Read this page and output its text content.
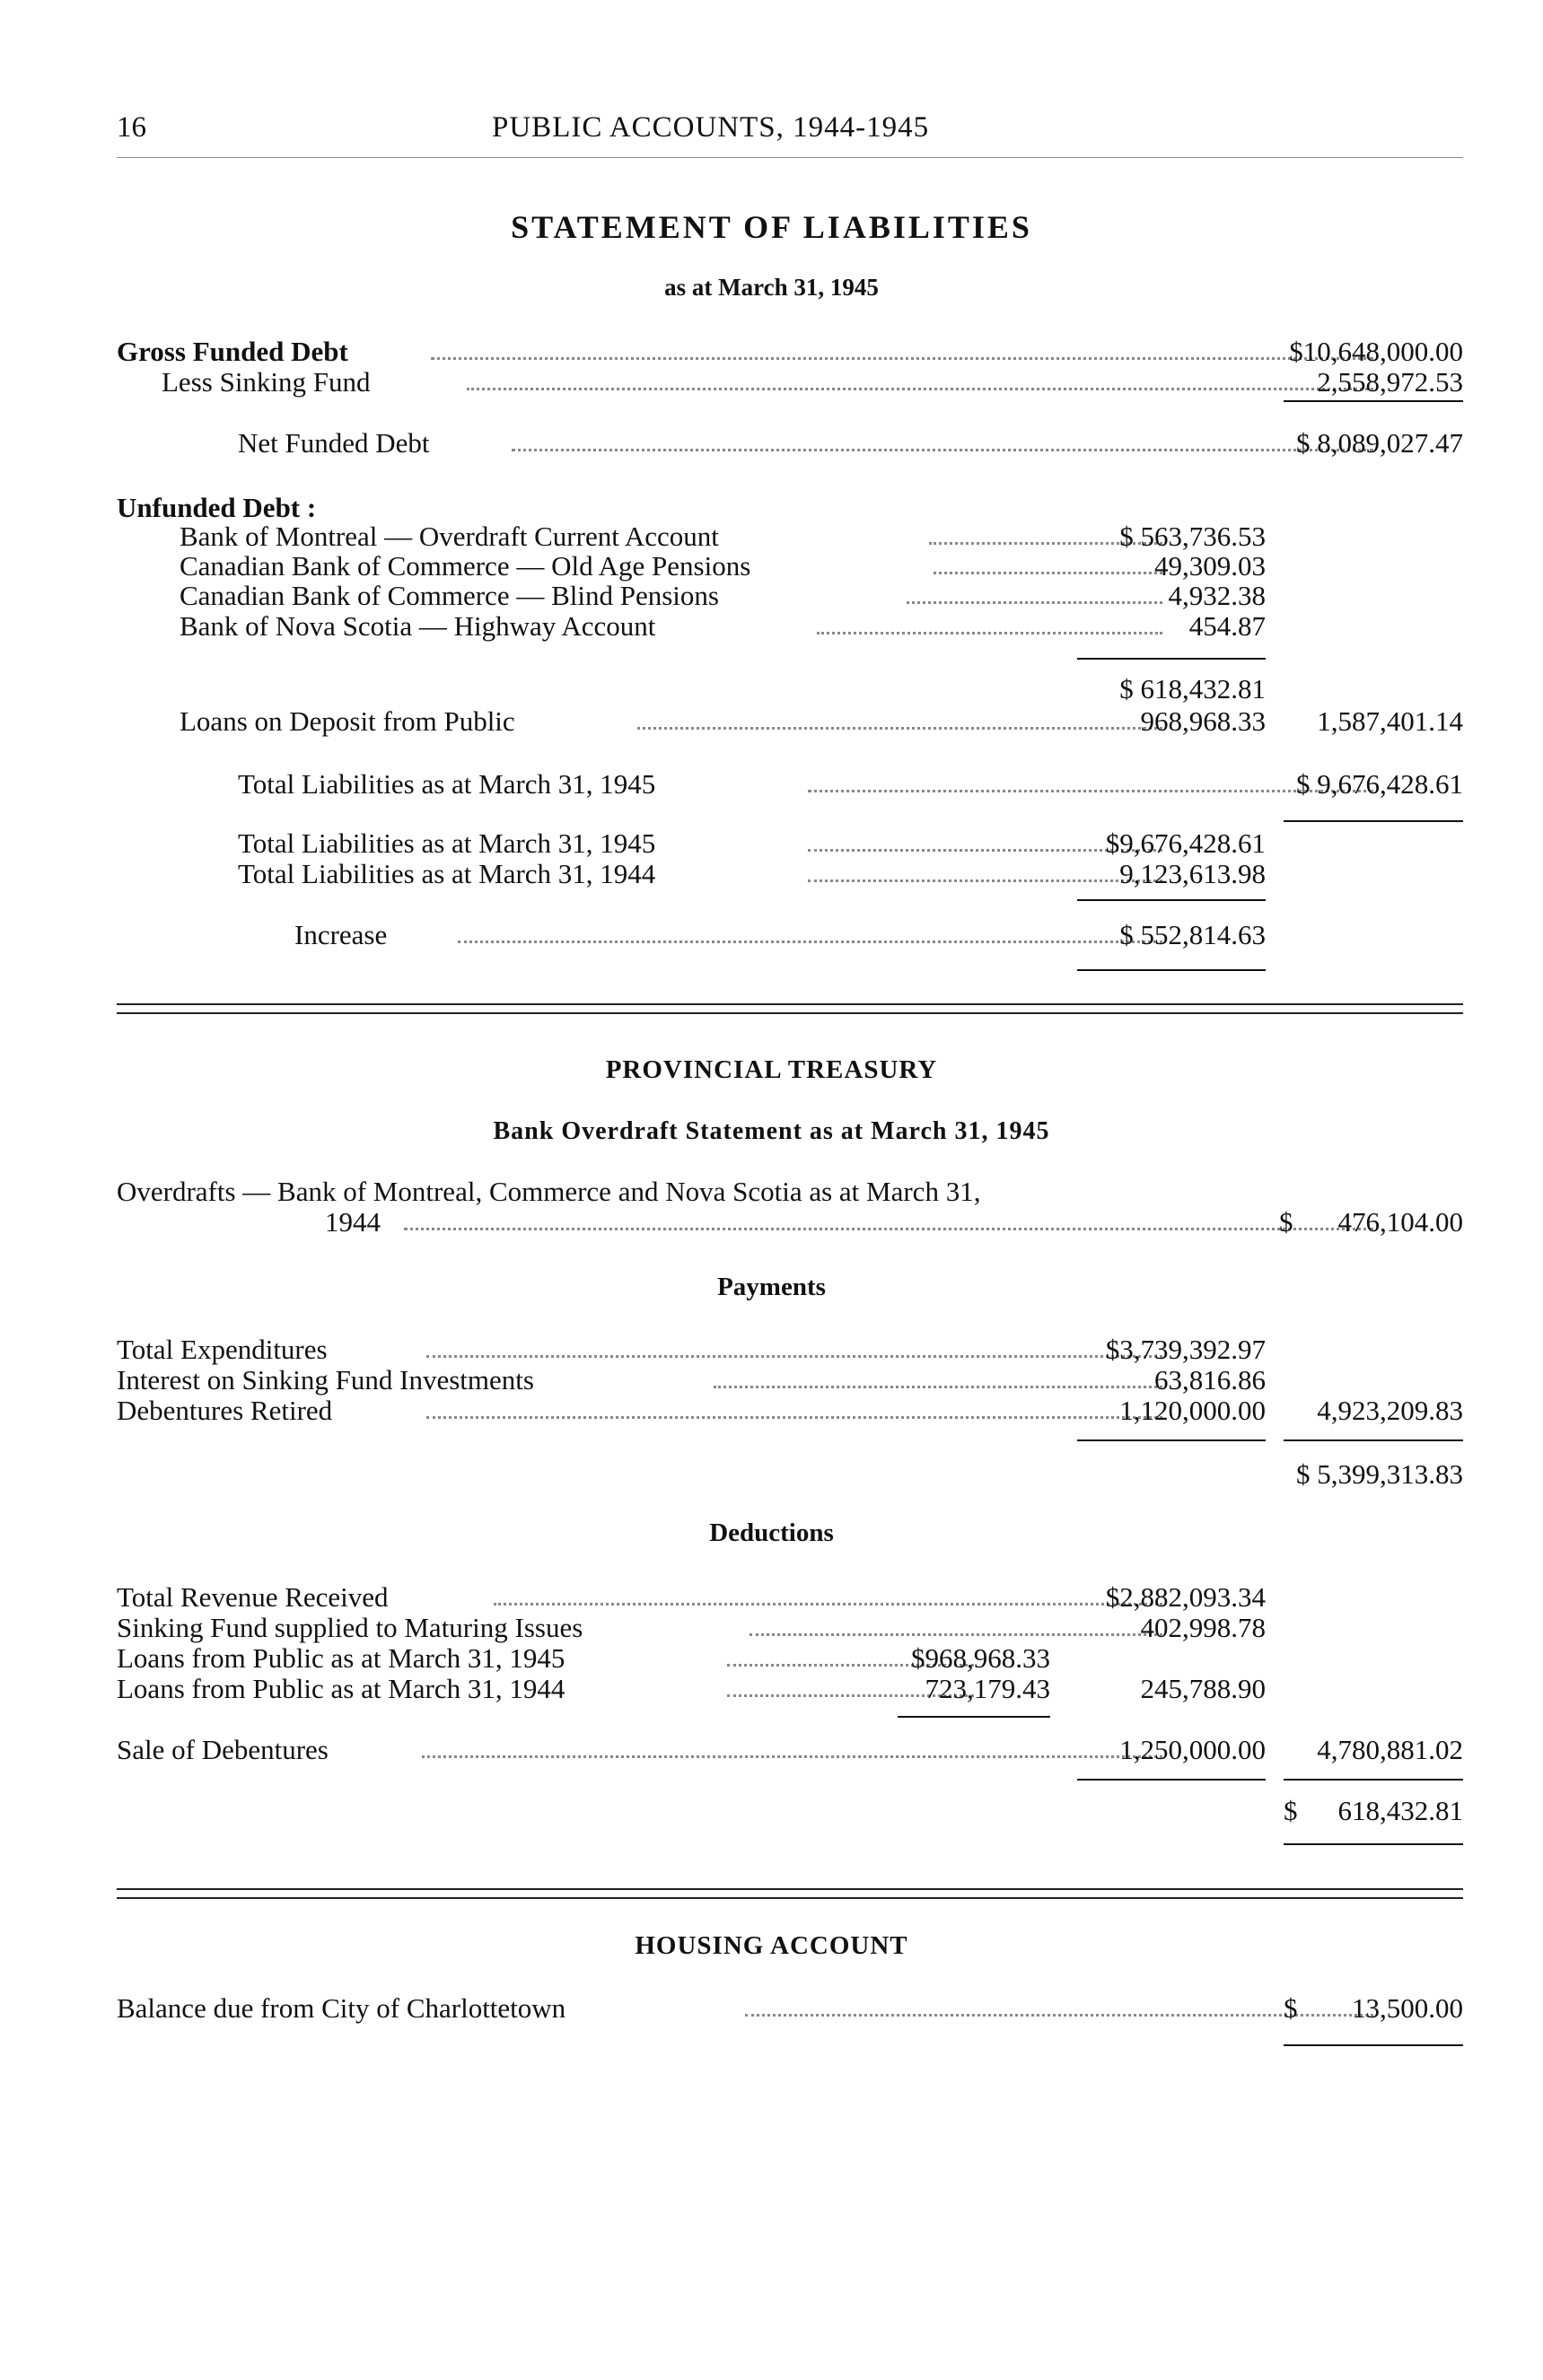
16	PUBLIC ACCOUNTS, 1944-1945
STATEMENT OF LIABILITIES
as at March 31, 1945
Gross Funded Debt	$10,648,000.00
Less Sinking Fund	2,558,972.53
Net Funded Debt	$ 8,089,027.47
Unfunded Debt :
Bank of Montreal — Overdraft Current Account	$ 563,736.53
Canadian Bank of Commerce — Old Age Pensions	49,309.03
Canadian Bank of Commerce — Blind Pensions	4,932.38
Bank of Nova Scotia — Highway Account	454.87
$ 618,432.81
Loans on Deposit from Public	968,968.33	1,587,401.14
Total Liabilities as at March 31, 1945	$ 9,676,428.61
Total Liabilities as at March 31, 1945	$9,676,428.61
Total Liabilities as at March 31, 1944	9,123,613.98
Increase	$ 552,814.63
PROVINCIAL TREASURY
Bank Overdraft Statement as at March 31, 1945
Overdrafts — Bank of Montreal, Commerce and Nova Scotia as at March 31,
1944	$	476,104.00
Payments
Total Expenditures	$3,739,392.97
Interest on Sinking Fund Investments	63,816.86
Debentures Retired	1,120,000.00	4,923,209.83
$ 5,399,313.83
Deductions
Total Revenue Received	$2,882,093.34
Sinking Fund supplied to Maturing Issues	402,998.78
Loans from Public as at March 31, 1945	$968,968.33
Loans from Public as at March 31, 1944	723,179.43	245,788.90
Sale of Debentures	1,250,000.00	4,780,881.02
$	618,432.81
HOUSING ACCOUNT
Balance due from City of Charlottetown	$	13,500.00
